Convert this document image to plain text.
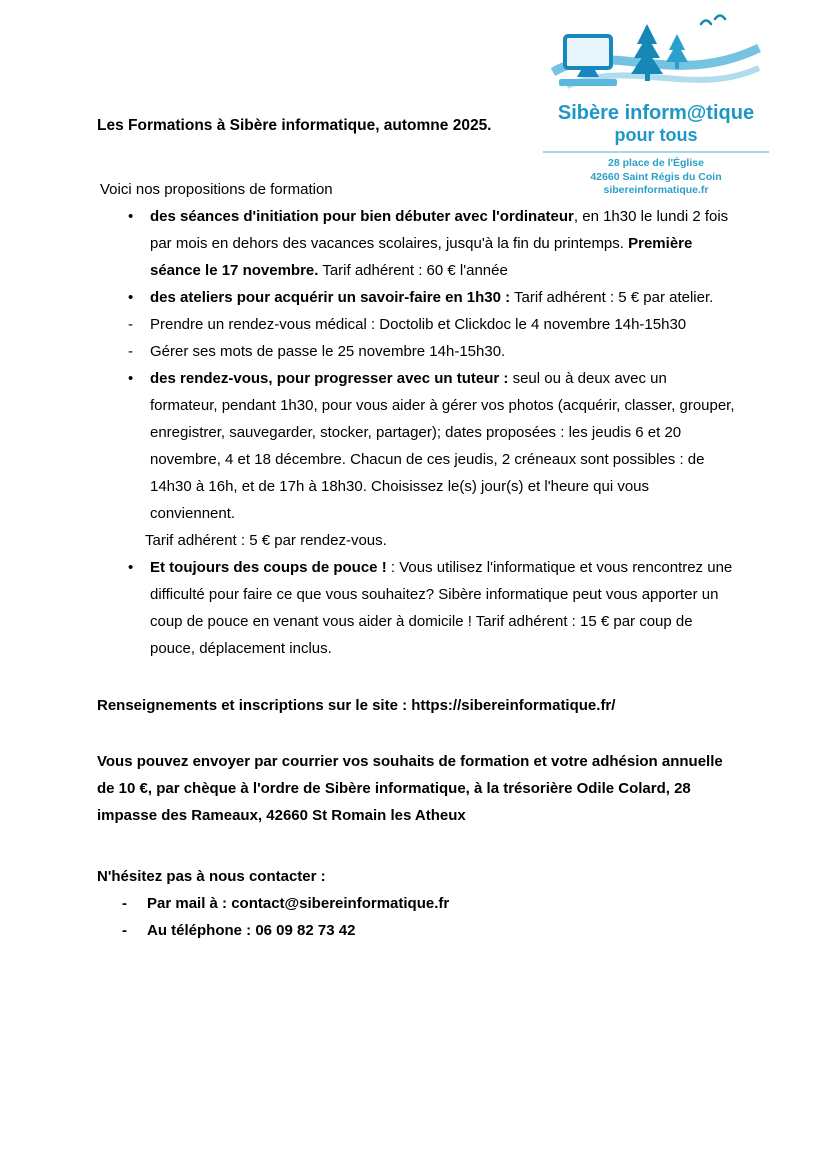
Sibère inform@tique
pour tous
28 place de l'Église
42660 Saint Régis du Coin
sibereinformatique.fr
Les Formations à Sibère informatique, automne 2025.

Voici nos propositions de formation

• des séances d'initiation pour bien débuter avec l'ordinateur, en 1h30 le lundi 2 fois par mois en dehors des vacances scolaires, jusqu'à la fin du printemps. Première séance le 17 novembre. Tarif adhérent : 60 € l'année
• des ateliers pour acquérir un savoir-faire en 1h30 : Tarif adhérent : 5 € par atelier.
- Prendre un rendez-vous médical : Doctolib et Clickdoc le 4 novembre 14h-15h30
- Gérer ses mots de passe le 25 novembre 14h-15h30.
• des rendez-vous, pour progresser avec un tuteur : seul ou à deux avec un formateur, pendant 1h30, pour vous aider à gérer vos photos (acquérir, classer, grouper, enregistrer, sauvegarder, stocker, partager); dates proposées : les jeudis 6 et 20 novembre, 4 et 18 décembre. Chacun de ces jeudis, 2 créneaux sont possibles : de 14h30 à 16h, et de 17h à 18h30. Choisissez le(s) jour(s) et l'heure qui vous conviennent.
Tarif adhérent : 5 € par rendez-vous.
• Et toujours des coups de pouce ! : Vous utilisez l'informatique et vous rencontrez une difficulté pour faire ce que vous souhaitez? Sibère informatique peut vous apporter un coup de pouce en venant vous aider à domicile ! Tarif adhérent : 15 € par coup de pouce, déplacement inclus.

Renseignements et inscriptions sur le site : https://sibereinformatique.fr/

Vous pouvez envoyer par courrier vos souhaits de formation et votre adhésion annuelle de 10 €, par chèque à l'ordre de Sibère informatique, à la trésorière Odile Colard, 28 impasse des Rameaux, 42660 St Romain les Atheux

N'hésitez pas à nous contacter :

- Par mail à : contact@sibereinformatique.fr
- Au téléphone : 06 09 82 73 42
